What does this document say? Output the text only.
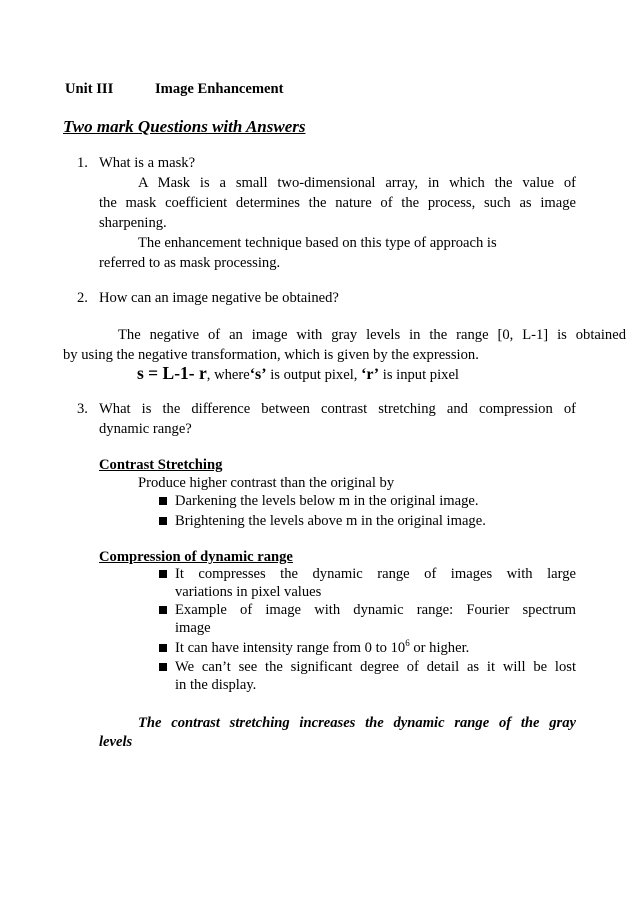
Unit III	Image Enhancement
Two mark Questions with Answers
1. What is a mask?
A Mask is a small two-dimensional array, in which the value of
the mask coefficient determines the nature of the process, such as image
sharpening.
The enhancement technique based on this type of approach is
referred to as mask processing.
2. How can an image negative be obtained?
The negative of an image with gray levels in the range [0, L-1] is obtained
by using the negative transformation, which is given by the expression.
s = L-1- r, where‘s’ is output pixel, ‘r’ is input pixel
3. What is the difference between contrast stretching and compression of
dynamic range?
Contrast Stretching
Produce higher contrast than the original by
Darkening the levels below m in the original image.
Brightening the levels above m in the original image.
Compression of dynamic range
It compresses the dynamic range of images with large
variations in pixel values
Example of image with dynamic range: Fourier spectrum
image
It can have intensity range from 0 to $10^6$ or higher.
We can’t see the significant degree of detail as it will be lost
in the display.
The contrast stretching increases the dynamic range of the gray
levels
